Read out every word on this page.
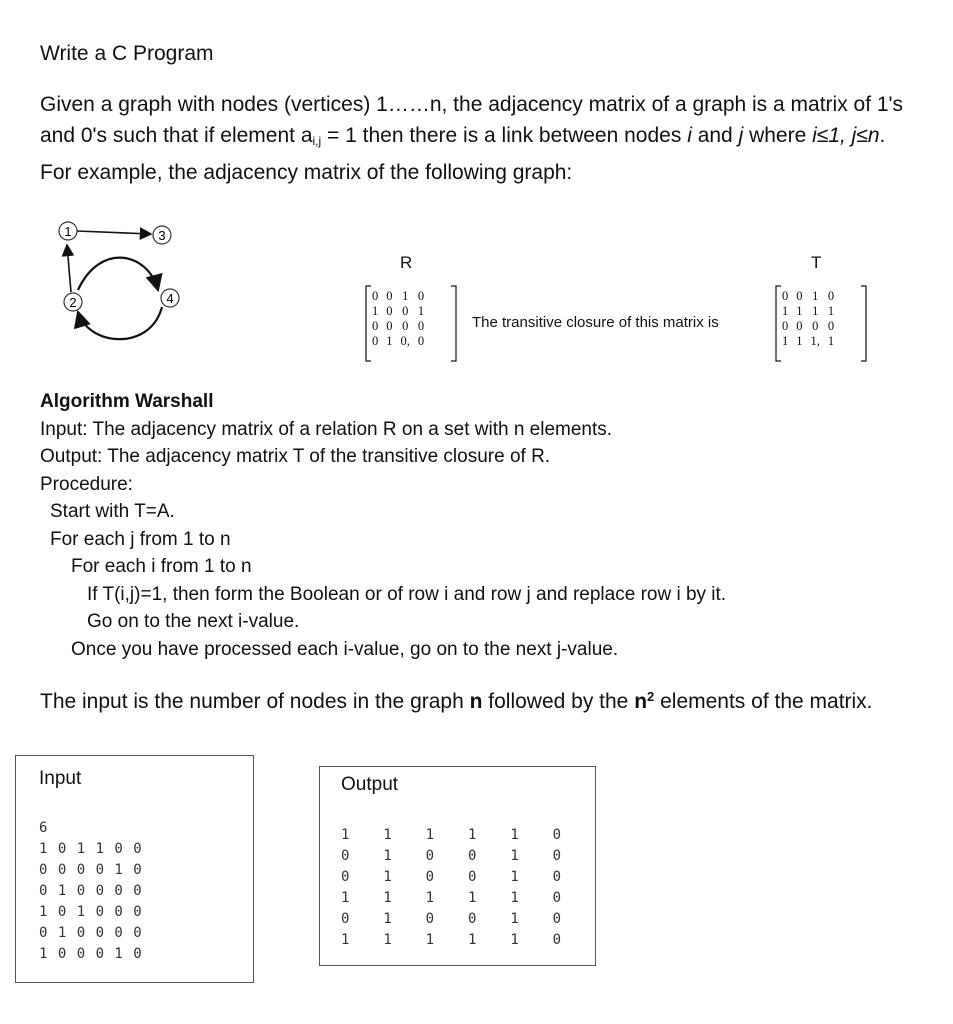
Write a C Program
Given a graph with nodes (vertices) 1……n, the adjacency matrix of a graph is a matrix of 1's and 0's such that if element $a_{i,j} = 1$ then there is a link between nodes i and j where i≤1, j≤n. For example, the adjacency matrix of the following graph:
1
2
3
4
R
0	0	1	0
1	0	0	1
0	0	0	0
0	1	0,	0
The transitive closure of this matrix is
T
0	0	1	0
1	1	1	1
0	0	0	0
1	1	1,	1
Algorithm Warshall
Input: The adjacency matrix of a relation R on a set with n elements.
Output: The adjacency matrix T of the transitive closure of R.
Procedure:
Start with T=A.
For each j from 1 to n
For each i from 1 to n
If T(i,j)=1, then form the Boolean or of row i and row j and replace row i by it.
Go on to the next i-value.
Once you have processed each i-value, go on to the next j-value.
The input is the number of nodes in the graph n followed by the $n^2$ elements of the matrix.
Input
6
1 0 1 1 0 0
0 0 0 0 1 0
0 1 0 0 0 0
1 0 1 0 0 0
0 1 0 0 0 0
1 0 0 0 1 0
Output
1	1	1	1	1	0
0	1	0	0	1	0
0	1	0	0	1	0
1	1	1	1	1	0
0	1	0	0	1	0
1	1	1	1	1	0
